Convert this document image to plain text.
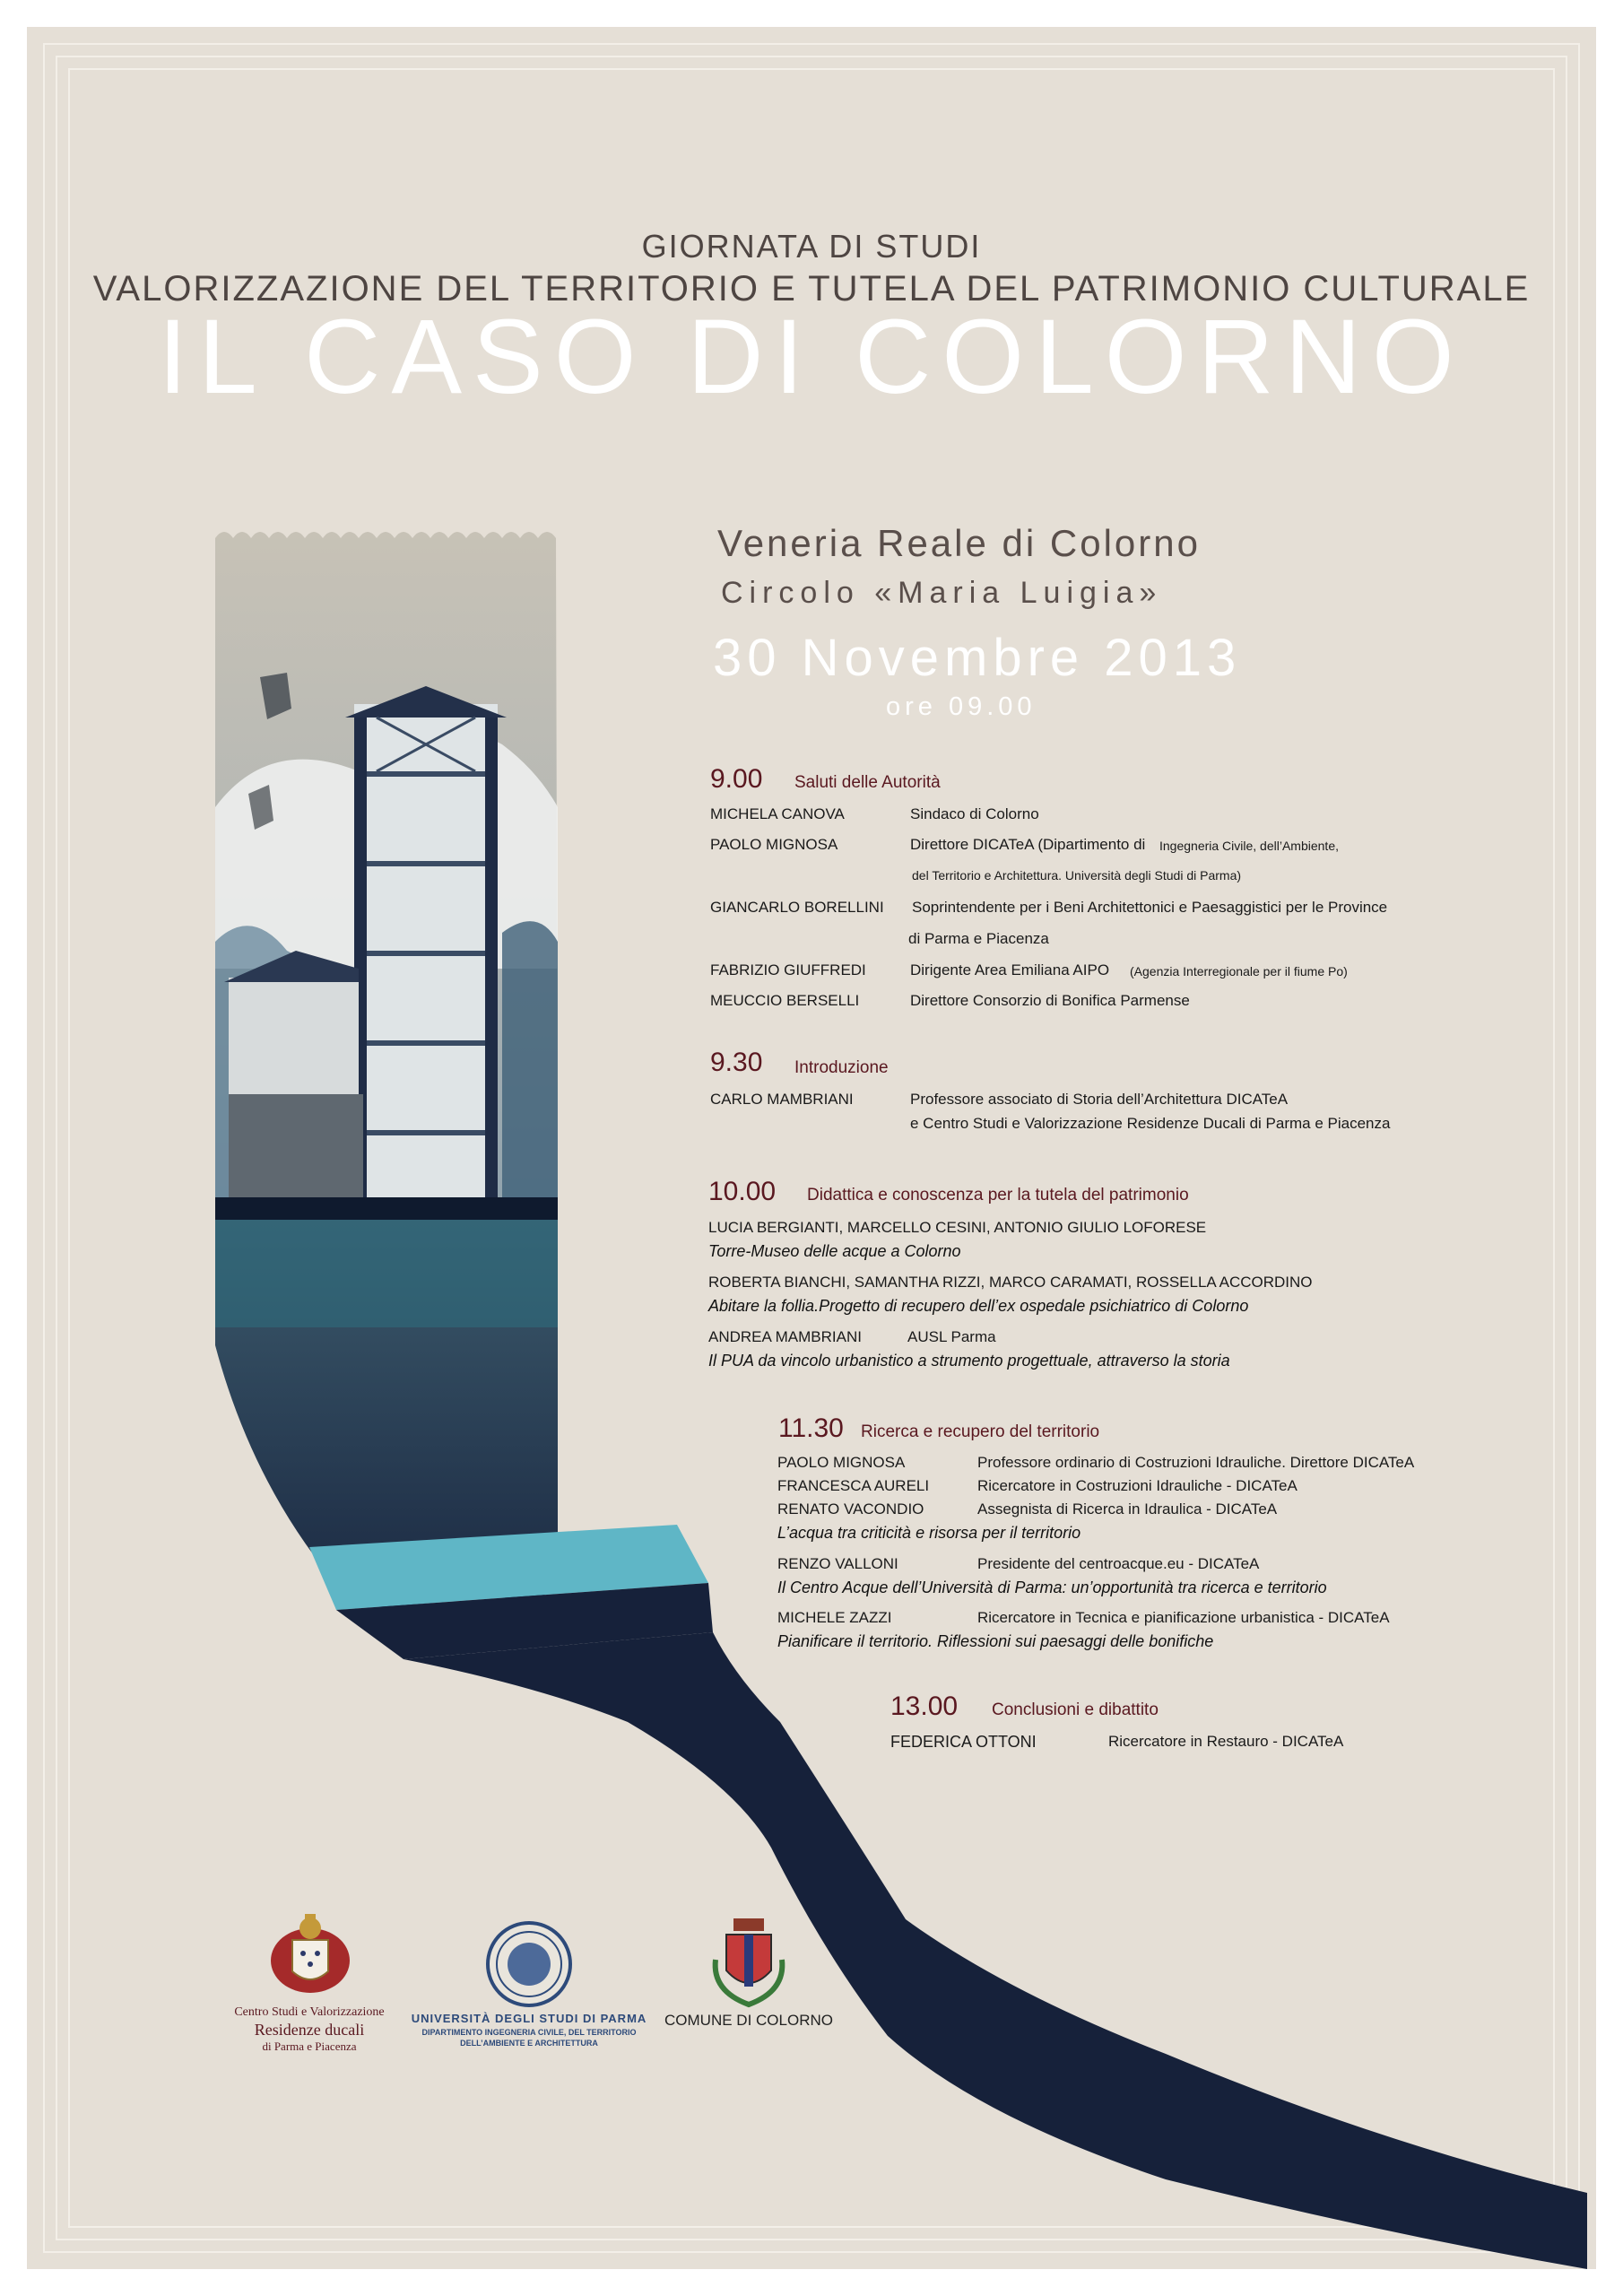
GIORNATA DI STUDI
VALORIZZAZIONE DEL TERRITORIO E TUTELA DEL PATRIMONIO CULTURALE
IL CASO DI COLORNO
Veneria Reale di Colorno
Circolo «Maria Luigia»
30 Novembre 2013
ore 09.00
9.00 Saluti delle Autorità
MICHELA CANOVA	Sindaco di Colorno
PAOLO MIGNOSA	Direttore DICATeA (Dipartimento di Ingegneria Civile, dell’Ambiente,
del Territorio e Architettura. Università degli Studi di Parma)
GIANCARLO BORELLINI Soprintendente per i Beni Architettonici e Paesaggistici per le Province
di Parma e Piacenza
FABRIZIO GIUFFREDI	Dirigente Area Emiliana AIPO (Agenzia Interregionale per il fiume Po)
MEUCCIO BERSELLI	Direttore Consorzio di Bonifica Parmense
9.30 Introduzione
CARLO MAMBRIANI	Professore associato di Storia dell’Architettura DICATeA
e Centro Studi e Valorizzazione Residenze Ducali di Parma e Piacenza
10.00 Didattica e conoscenza per la tutela del patrimonio
LUCIA BERGIANTI, MARCELLO CESINI, ANTONIO GIULIO LOFORESE
Torre-Museo delle acque a Colorno
ROBERTA BIANCHI, SAMANTHA RIZZI, MARCO CARAMATI, ROSSELLA ACCORDINO
Abitare la follia.Progetto di recupero dell’ex ospedale psichiatrico di Colorno
ANDREA MAMBRIANI	AUSL Parma
Il PUA da vincolo urbanistico a strumento progettuale, attraverso la storia
11.30 Ricerca e recupero del territorio
PAOLO MIGNOSA	Professore ordinario di Costruzioni Idrauliche. Direttore DICATeA
FRANCESCA AURELI	Ricercatore in Costruzioni Idrauliche - DICATeA
RENATO VACONDIO	Assegnista di Ricerca in Idraulica - DICATeA
L’acqua tra criticità e risorsa per il territorio
RENZO VALLONI	Presidente del centroacque.eu - DICATeA
Il Centro Acque dell’Università di Parma: un’opportunità tra ricerca e territorio
MICHELE ZAZZI	Ricercatore in Tecnica e pianificazione urbanistica - DICATeA
Pianificare il territorio. Riflessioni sui paesaggi delle bonifiche
13.00 Conclusioni e dibattito
FEDERICA OTTONI	Ricercatore in Restauro - DICATeA
Centro Studi e Valorizzazione
Residenze ducali
di Parma e Piacenza
UNIVERSITÀ DEGLI STUDI DI PARMA
DIPARTIMENTO INGEGNERIA CIVILE, DEL TERRITORIO
DELL’AMBIENTE E ARCHITETTURA
COMUNE DI COLORNO
